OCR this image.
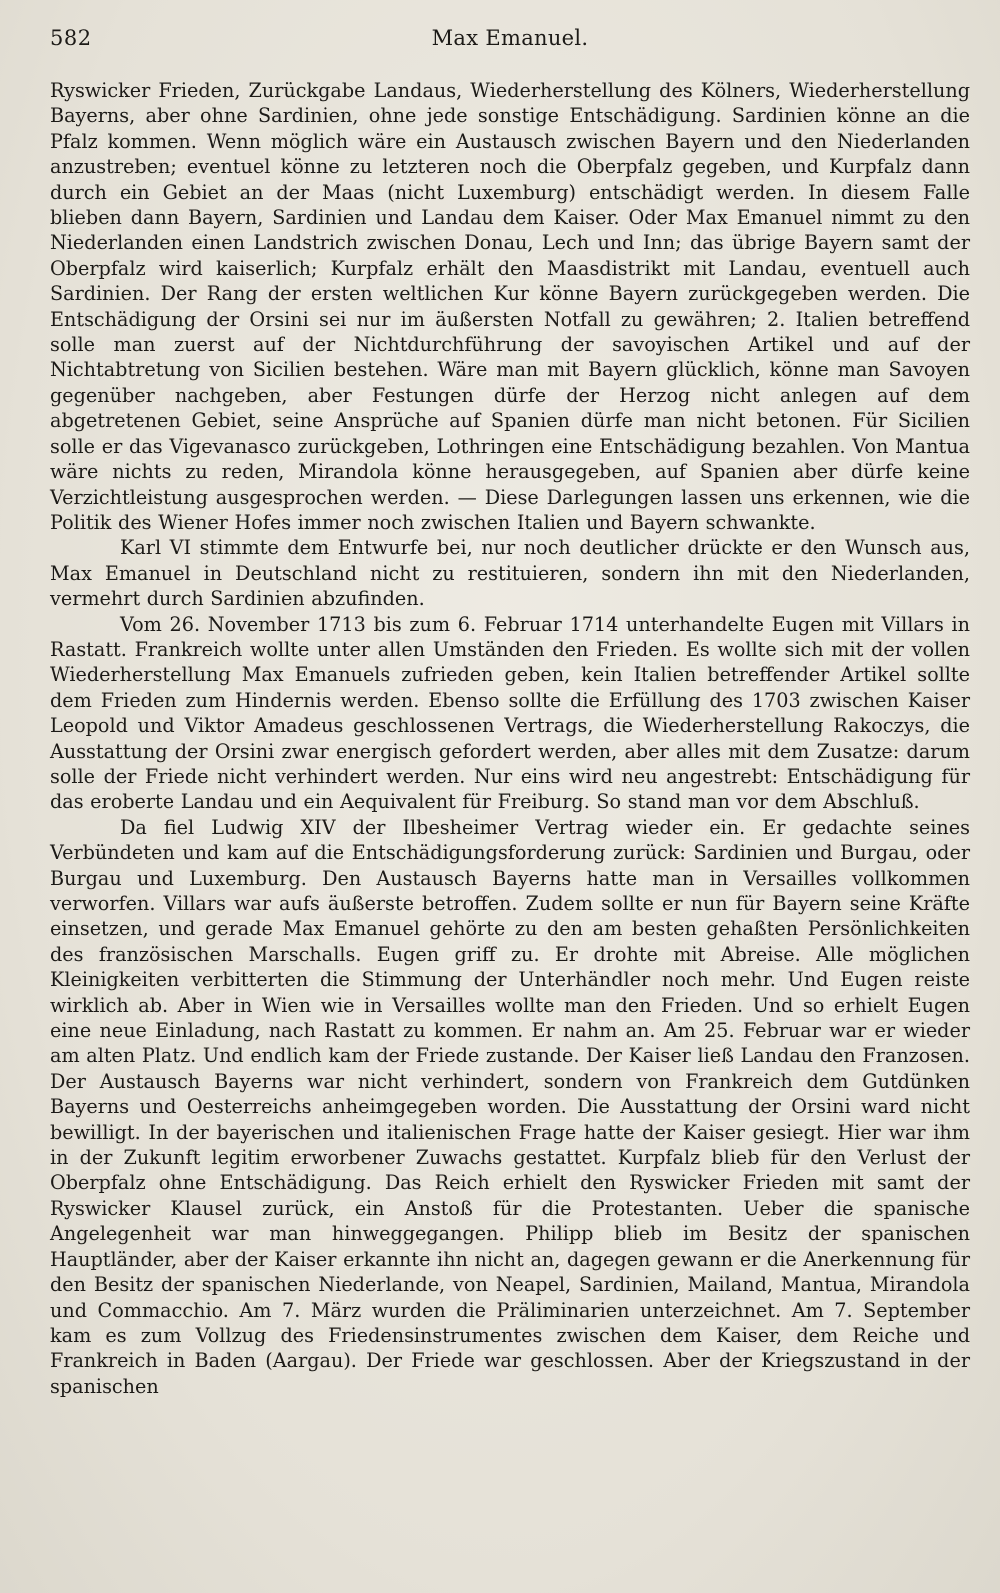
582	Max Emanuel.

Ryswicker Frieden, Zurückgabe Landaus, Wiederherstellung des Kölners, Wiederherstellung Bayerns, aber ohne Sardinien, ohne jede sonstige Entschädigung. Sardinien könne an die Pfalz kommen. Wenn möglich wäre ein Austausch zwischen Bayern und den Niederlanden anzustreben; eventuel könne zu letzteren noch die Oberpfalz gegeben, und Kurpfalz dann durch ein Gebiet an der Maas (nicht Luxemburg) entschädigt werden. In diesem Falle blieben dann Bayern, Sardinien und Landau dem Kaiser. Oder Max Emanuel nimmt zu den Niederlanden einen Landstrich zwischen Donau, Lech und Inn; das übrige Bayern samt der Oberpfalz wird kaiserlich; Kurpfalz erhält den Maasdistrikt mit Landau, eventuell auch Sardinien. Der Rang der ersten weltlichen Kur könne Bayern zurückgegeben werden. Die Entschädigung der Orsini sei nur im äußersten Notfall zu gewähren; 2. Italien betreffend solle man zuerst auf der Nichtdurchführung der savoyischen Artikel und auf der Nichtabtretung von Sicilien bestehen. Wäre man mit Bayern glücklich, könne man Savoyen gegenüber nachgeben, aber Festungen dürfe der Herzog nicht anlegen auf dem abgetretenen Gebiet, seine Ansprüche auf Spanien dürfe man nicht betonen. Für Sicilien solle er das Vigevanasco zurückgeben, Lothringen eine Entschädigung bezahlen. Von Mantua wäre nichts zu reden, Mirandola könne herausgegeben, auf Spanien aber dürfe keine Verzichtleistung ausgesprochen werden. — Diese Darlegungen lassen uns erkennen, wie die Politik des Wiener Hofes immer noch zwischen Italien und Bayern schwankte.

Karl VI stimmte dem Entwurfe bei, nur noch deutlicher drückte er den Wunsch aus, Max Emanuel in Deutschland nicht zu restituieren, sondern ihn mit den Niederlanden, vermehrt durch Sardinien abzufinden.

Vom 26. November 1713 bis zum 6. Februar 1714 unterhandelte Eugen mit Villars in Rastatt. Frankreich wollte unter allen Umständen den Frieden. Es wollte sich mit der vollen Wiederherstellung Max Emanuels zufrieden geben, kein Italien betreffender Artikel sollte dem Frieden zum Hindernis werden. Ebenso sollte die Erfüllung des 1703 zwischen Kaiser Leopold und Viktor Amadeus geschlossenen Vertrags, die Wiederherstellung Rakoczys, die Ausstattung der Orsini zwar energisch gefordert werden, aber alles mit dem Zusatze: darum solle der Friede nicht verhindert werden. Nur eins wird neu angestrebt: Entschädigung für das eroberte Landau und ein Aequivalent für Freiburg. So stand man vor dem Abschluß.

Da fiel Ludwig XIV der Ilbesheimer Vertrag wieder ein. Er gedachte seines Verbündeten und kam auf die Entschädigungsforderung zurück: Sardinien und Burgau, oder Burgau und Luxemburg. Den Austausch Bayerns hatte man in Versailles vollkommen verworfen. Villars war aufs äußerste betroffen. Zudem sollte er nun für Bayern seine Kräfte einsetzen, und gerade Max Emanuel gehörte zu den am besten gehaßten Persönlichkeiten des französischen Marschalls. Eugen griff zu. Er drohte mit Abreise. Alle möglichen Kleinigkeiten verbitterten die Stimmung der Unterhändler noch mehr. Und Eugen reiste wirklich ab. Aber in Wien wie in Versailles wollte man den Frieden. Und so erhielt Eugen eine neue Einladung, nach Rastatt zu kommen. Er nahm an. Am 25. Februar war er wieder am alten Platz. Und endlich kam der Friede zustande. Der Kaiser ließ Landau den Franzosen. Der Austausch Bayerns war nicht verhindert, sondern von Frankreich dem Gutdünken Bayerns und Oesterreichs anheimgegeben worden. Die Ausstattung der Orsini ward nicht bewilligt. In der bayerischen und italienischen Frage hatte der Kaiser gesiegt. Hier war ihm in der Zukunft legitim erworbener Zuwachs gestattet. Kurpfalz blieb für den Verlust der Oberpfalz ohne Entschädigung. Das Reich erhielt den Ryswicker Frieden mit samt der Ryswicker Klausel zurück, ein Anstoß für die Protestanten. Ueber die spanische Angelegenheit war man hinweggegangen. Philipp blieb im Besitz der spanischen Hauptländer, aber der Kaiser erkannte ihn nicht an, dagegen gewann er die Anerkennung für den Besitz der spanischen Niederlande, von Neapel, Sardinien, Mailand, Mantua, Mirandola und Commacchio. Am 7. März wurden die Präliminarien unterzeichnet. Am 7. September kam es zum Vollzug des Friedensinstrumentes zwischen dem Kaiser, dem Reiche und Frankreich in Baden (Aargau). Der Friede war geschlossen. Aber der Kriegszustand in der spanischen
